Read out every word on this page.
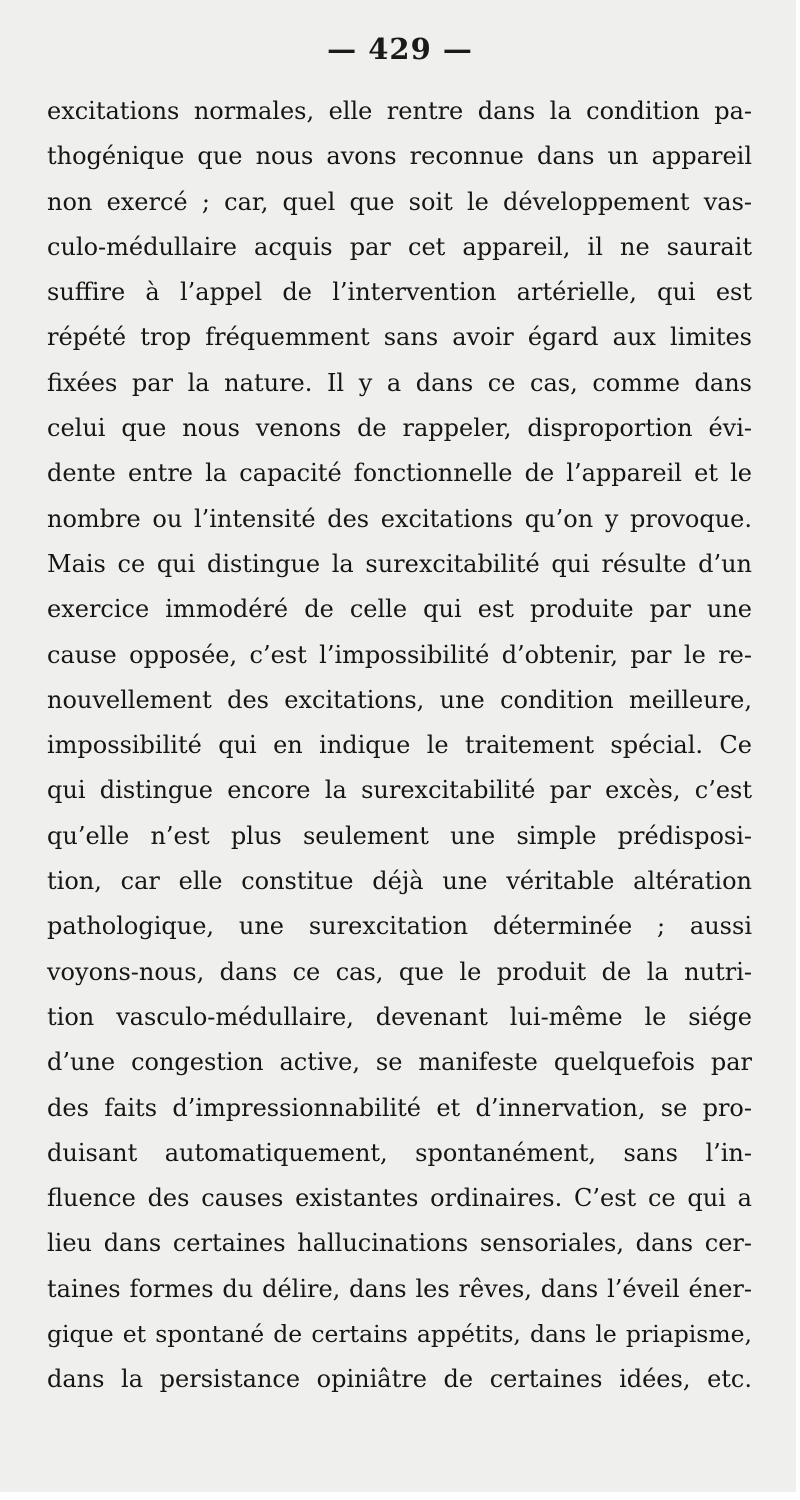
— 429 —
excitations normales, elle rentre dans la condition pa-
thogénique que nous avons reconnue dans un appareil
non exercé ; car, quel que soit le développement vas-
culo-médullaire acquis par cet appareil, il ne saurait
suffire à l’appel de l’intervention artérielle, qui est
répété trop fréquemment sans avoir égard aux limites
fixées par la nature. Il y a dans ce cas, comme dans
celui que nous venons de rappeler, disproportion évi-
dente entre la capacité fonctionnelle de l’appareil et le
nombre ou l’intensité des excitations qu’on y provoque.
Mais ce qui distingue la surexcitabilité qui résulte d’un
exercice immodéré de celle qui est produite par une
cause opposée, c’est l’impossibilité d’obtenir, par le re-
nouvellement des excitations, une condition meilleure,
impossibilité qui en indique le traitement spécial. Ce
qui distingue encore la surexcitabilité par excès, c’est
qu’elle n’est plus seulement une simple prédisposi-
tion, car elle constitue déjà une véritable altération
pathologique, une surexcitation déterminée ; aussi
voyons-nous, dans ce cas, que le produit de la nutri-
tion vasculo-médullaire, devenant lui-même le siége
d’une congestion active, se manifeste quelquefois par
des faits d’impressionnabilité et d’innervation, se pro-
duisant automatiquement, spontanément, sans l’in-
fluence des causes existantes ordinaires. C’est ce qui a
lieu dans certaines hallucinations sensoriales, dans cer-
taines formes du délire, dans les rêves, dans l’éveil éner-
gique et spontané de certains appétits, dans le priapisme,
dans la persistance opiniâtre de certaines idées, etc.
